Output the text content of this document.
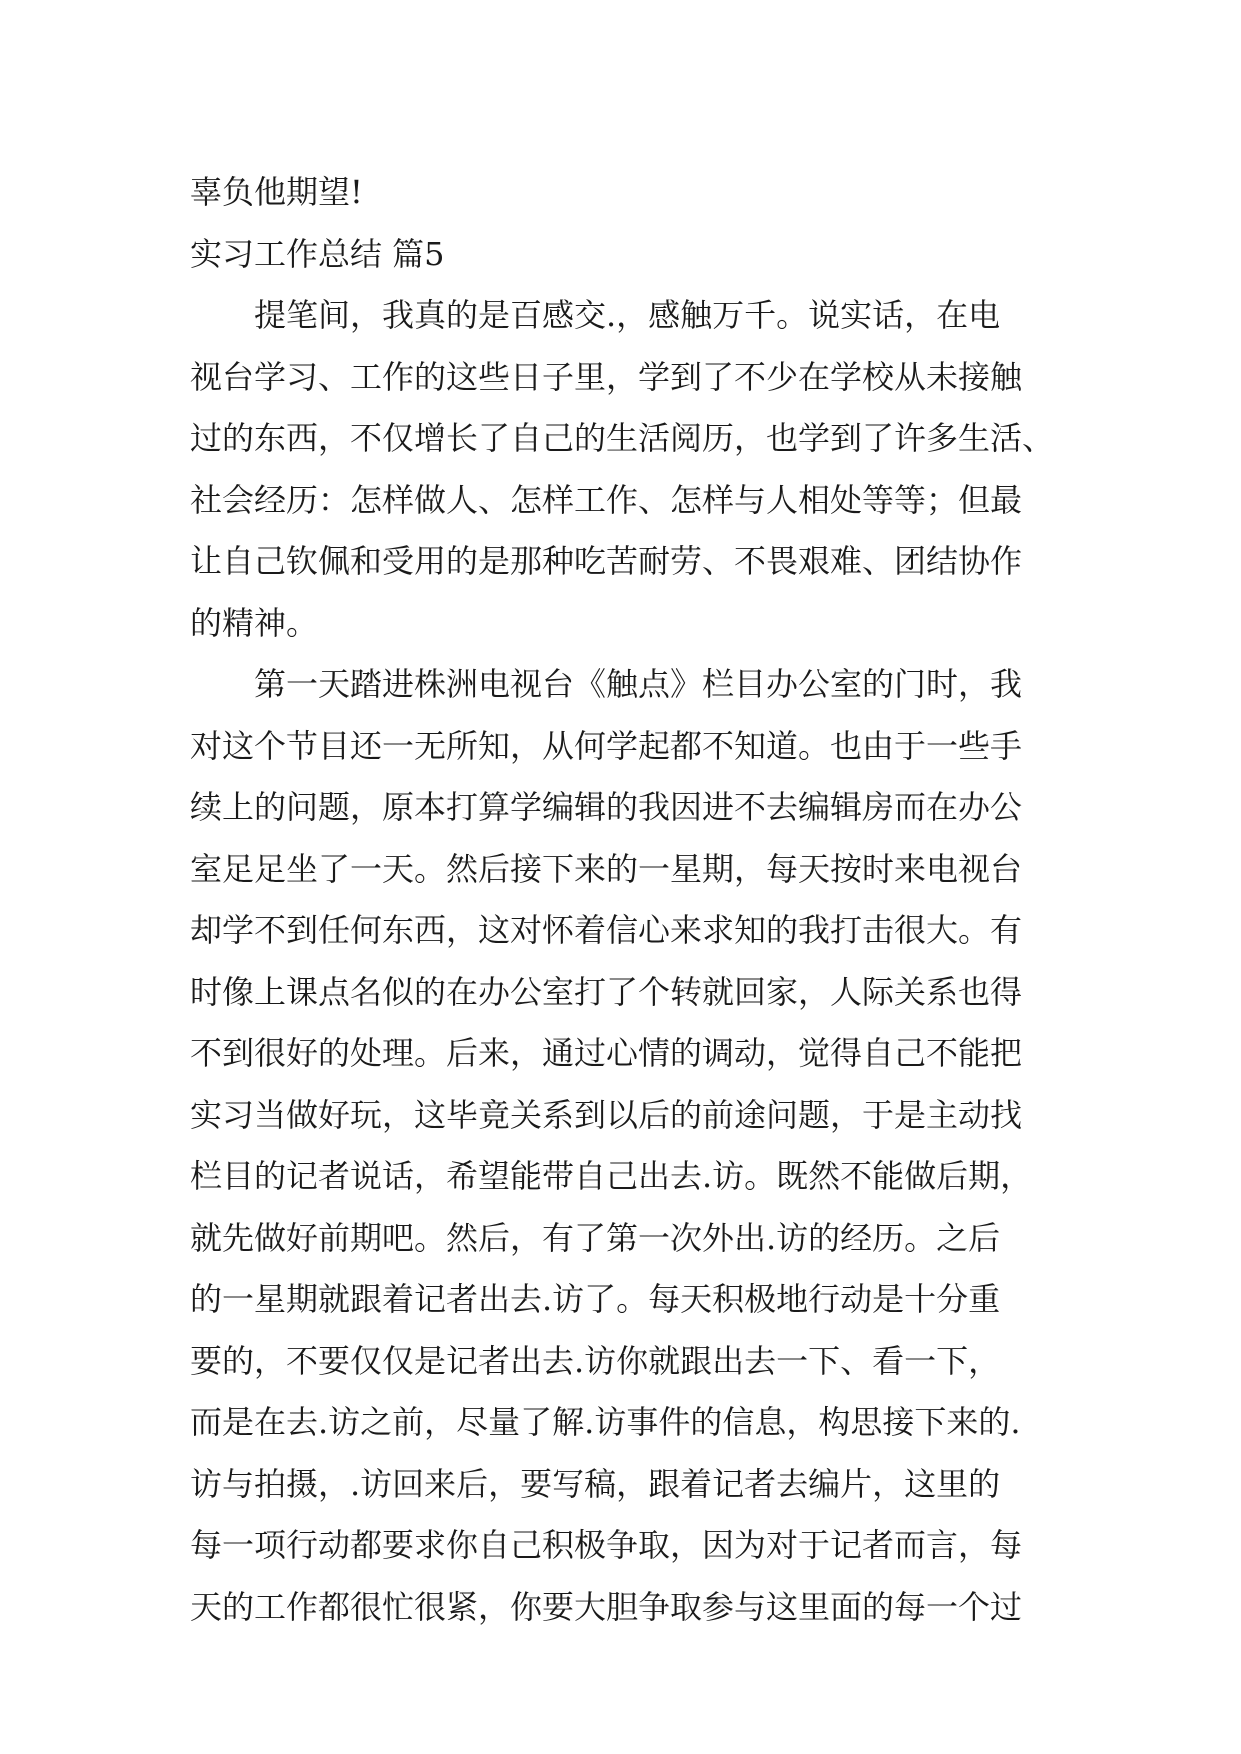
辜负他期望!
实习工作总结 篇5
提笔间，我真的是百感交.，感触万千。说实话，在电
视台学习、工作的这些日子里，学到了不少在学校从未接触
过的东西，不仅增长了自己的生活阅历，也学到了许多生活、
社会经历：怎样做人、怎样工作、怎样与人相处等等；但最
让自己钦佩和受用的是那种吃苦耐劳、不畏艰难、团结协作
的精神。
第一天踏进株洲电视台《触点》栏目办公室的门时，我
对这个节目还一无所知，从何学起都不知道。也由于一些手
续上的问题，原本打算学编辑的我因进不去编辑房而在办公
室足足坐了一天。然后接下来的一星期，每天按时来电视台
却学不到任何东西，这对怀着信心来求知的我打击很大。有
时像上课点名似的在办公室打了个转就回家，人际关系也得
不到很好的处理。后来，通过心情的调动，觉得自己不能把
实习当做好玩，这毕竟关系到以后的前途问题，于是主动找
栏目的记者说话，希望能带自己出去.访。既然不能做后期，
就先做好前期吧。然后，有了第一次外出.访的经历。之后
的一星期就跟着记者出去.访了。每天积极地行动是十分重
要的，不要仅仅是记者出去.访你就跟出去一下、看一下，
而是在去.访之前，尽量了解.访事件的信息，构思接下来的.
访与拍摄，.访回来后，要写稿，跟着记者去编片，这里的
每一项行动都要求你自己积极争取，因为对于记者而言，每
天的工作都很忙很紧，你要大胆争取参与这里面的每一个过
